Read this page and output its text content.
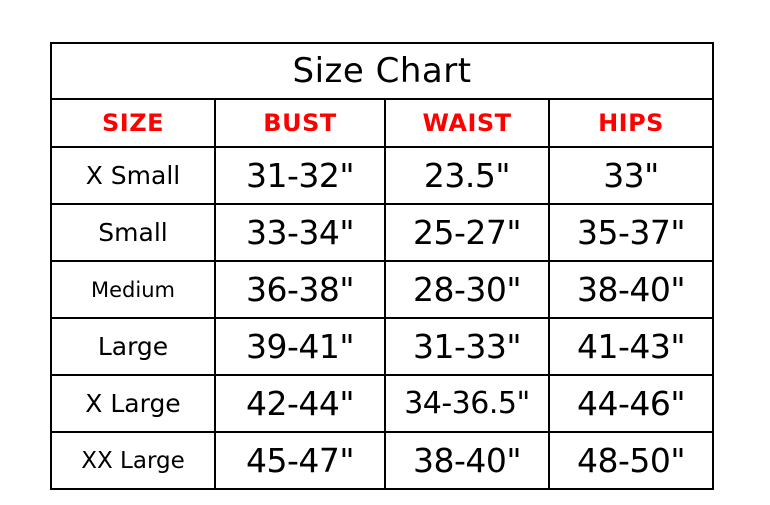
Size Chart			
SIZE	BUST	WAIST	HIPS
X Small	31-32"	23.5"	33"
Small	33-34"	25-27"	35-37"
Medium	36-38"	28-30"	38-40"
Large	39-41"	31-33"	41-43"
X Large	42-44"	34-36.5"	44-46"
XX Large	45-47"	38-40"	48-50"
